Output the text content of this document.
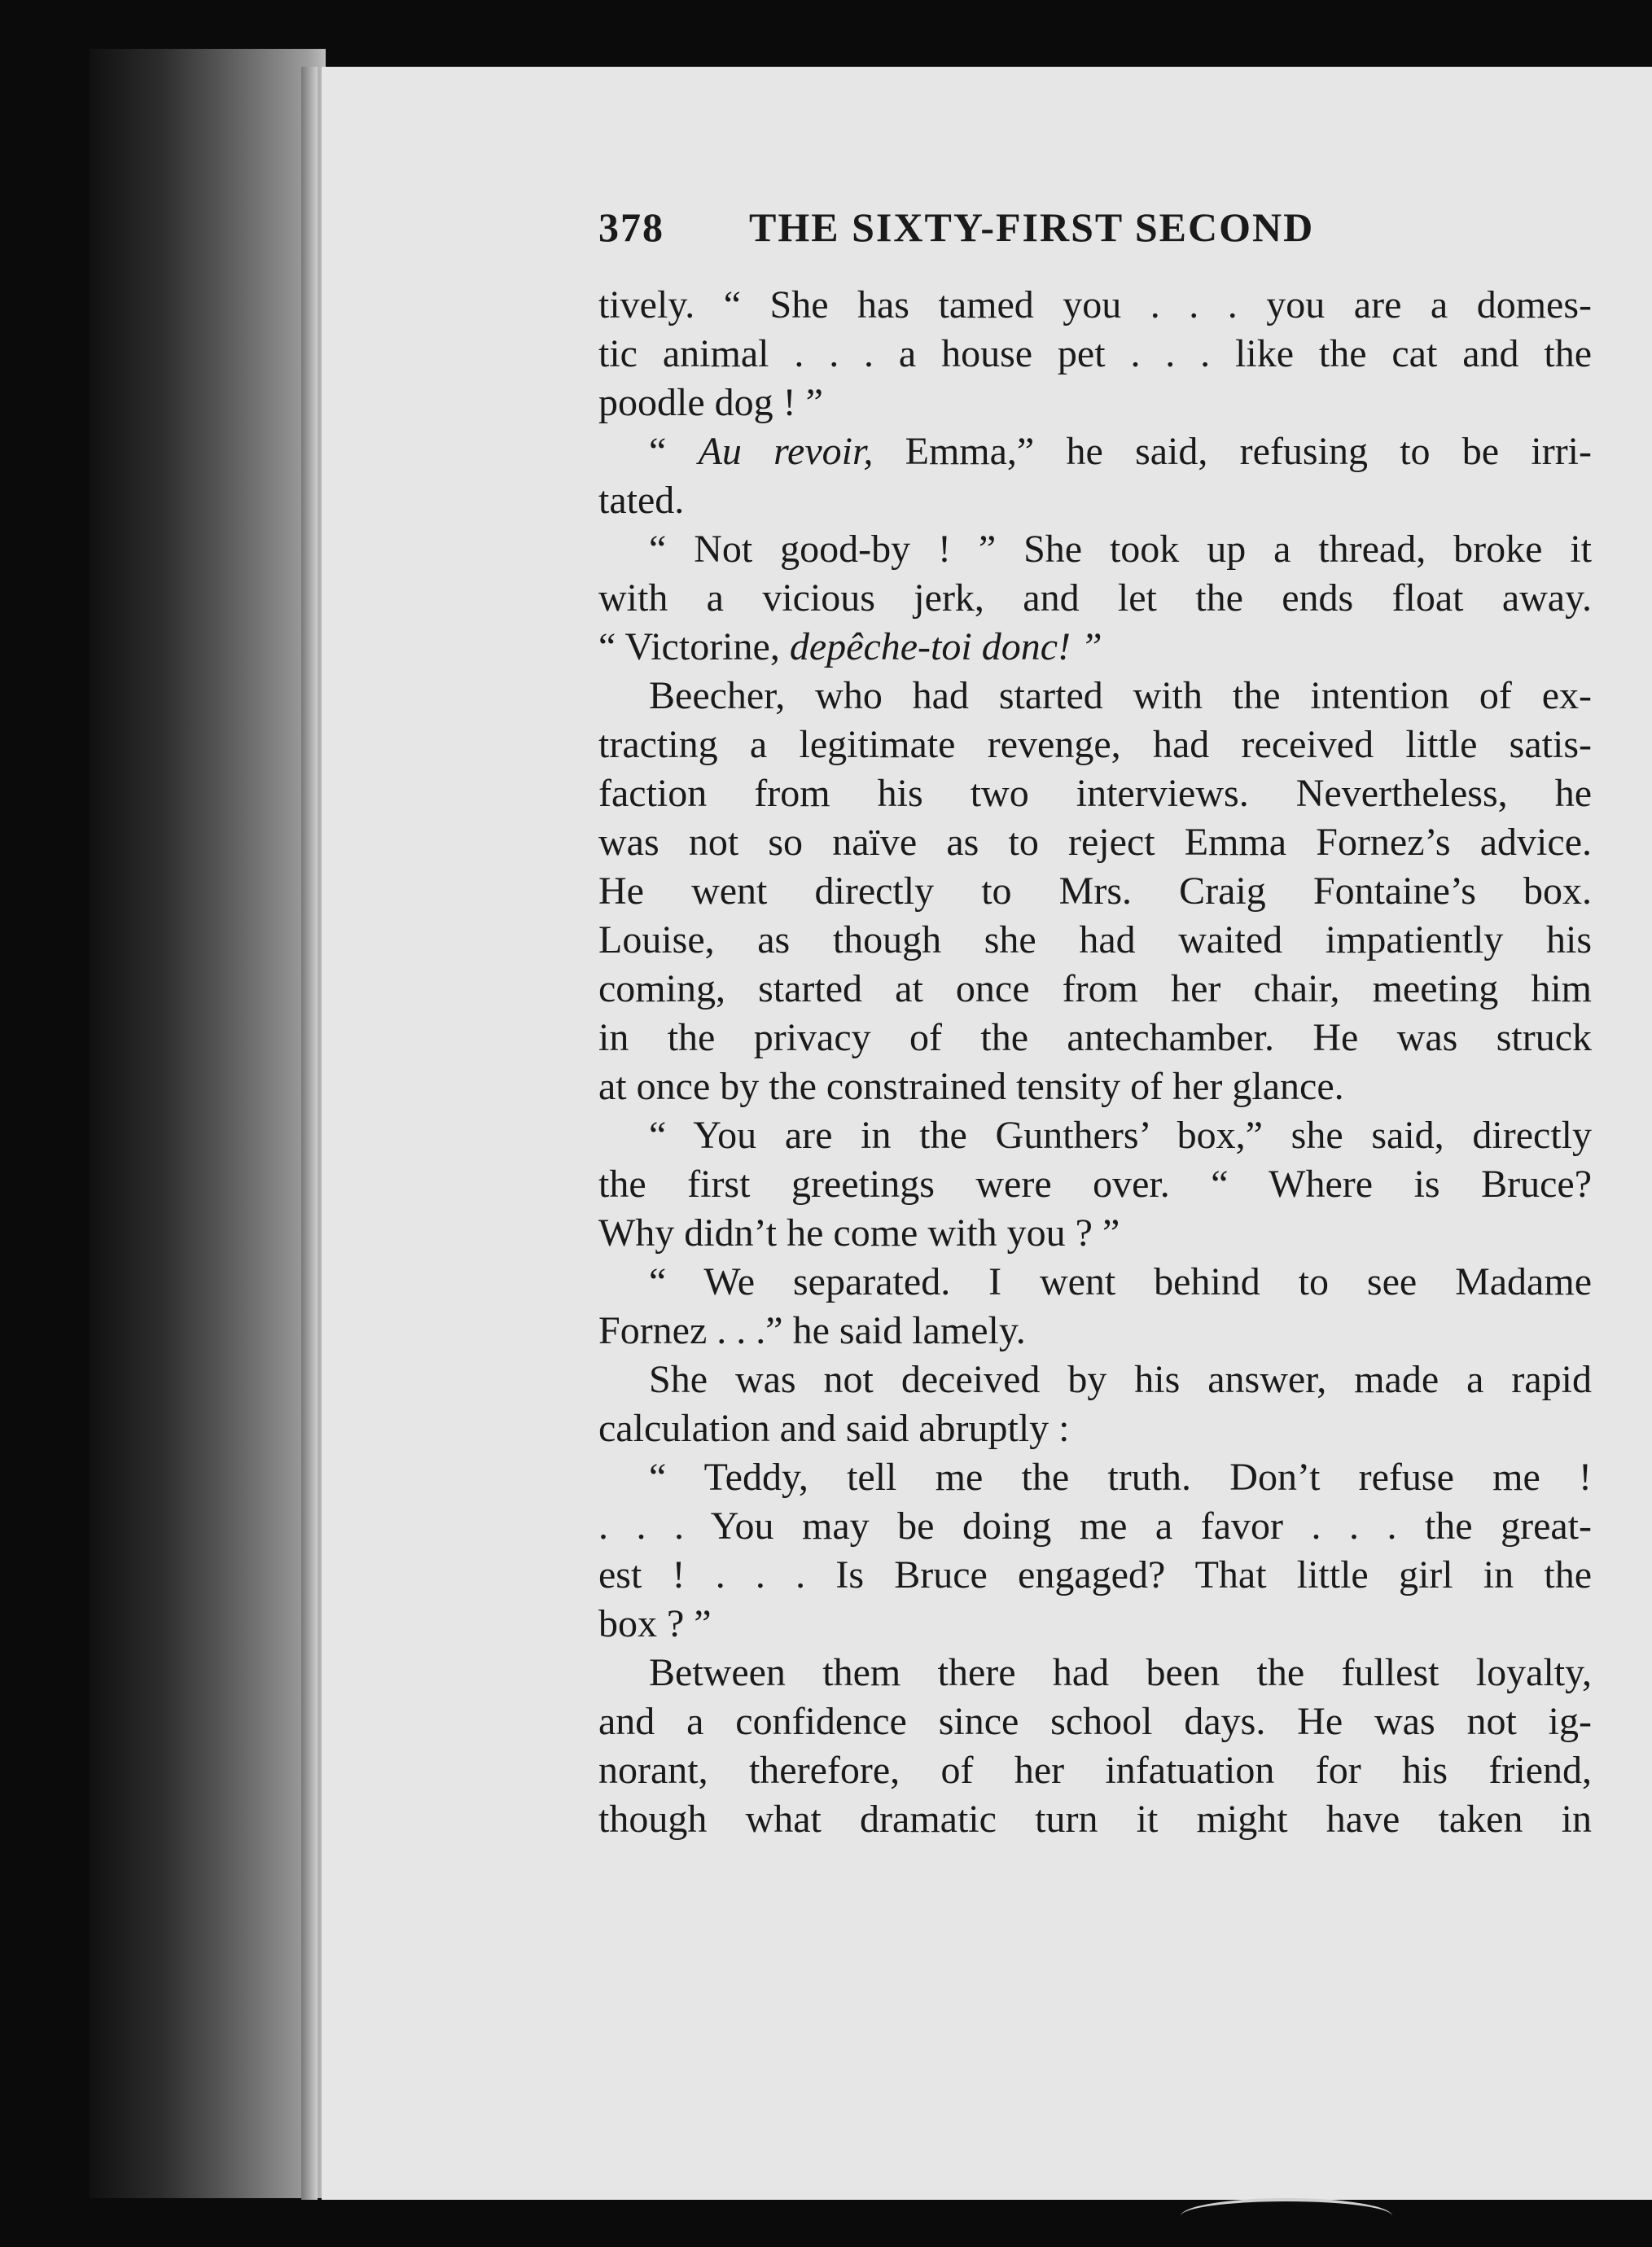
378 THE SIXTY-FIRST SECOND
tively. “ She has tamed you . . . you are a domes-
tic animal . . . a house pet . . . like the cat and the
poodle dog ! ”
“ Au revoir, Emma,” he said, refusing to be irri-
tated.
“ Not good-by ! ” She took up a thread, broke it
with a vicious jerk, and let the ends float away.
“ Victorine, depêche-toi donc! ”
Beecher, who had started with the intention of ex-
tracting a legitimate revenge, had received little satis-
faction from his two interviews. Nevertheless, he
was not so naïve as to reject Emma Fornez’s advice.
He went directly to Mrs. Craig Fontaine’s box.
Louise, as though she had waited impatiently his
coming, started at once from her chair, meeting him
in the privacy of the antechamber. He was struck
at once by the constrained tensity of her glance.
“ You are in the Gunthers’ box,” she said, directly
the first greetings were over. “ Where is Bruce?
Why didn’t he come with you ? ”
“ We separated. I went behind to see Madame
Fornez . . .” he said lamely.
She was not deceived by his answer, made a rapid
calculation and said abruptly :
“ Teddy, tell me the truth. Don’t refuse me !
. . . You may be doing me a favor . . . the great-
est ! . . . Is Bruce engaged? That little girl in the
box ? ”
Between them there had been the fullest loyalty,
and a confidence since school days. He was not ig-
norant, therefore, of her infatuation for his friend,
though what dramatic turn it might have taken in
